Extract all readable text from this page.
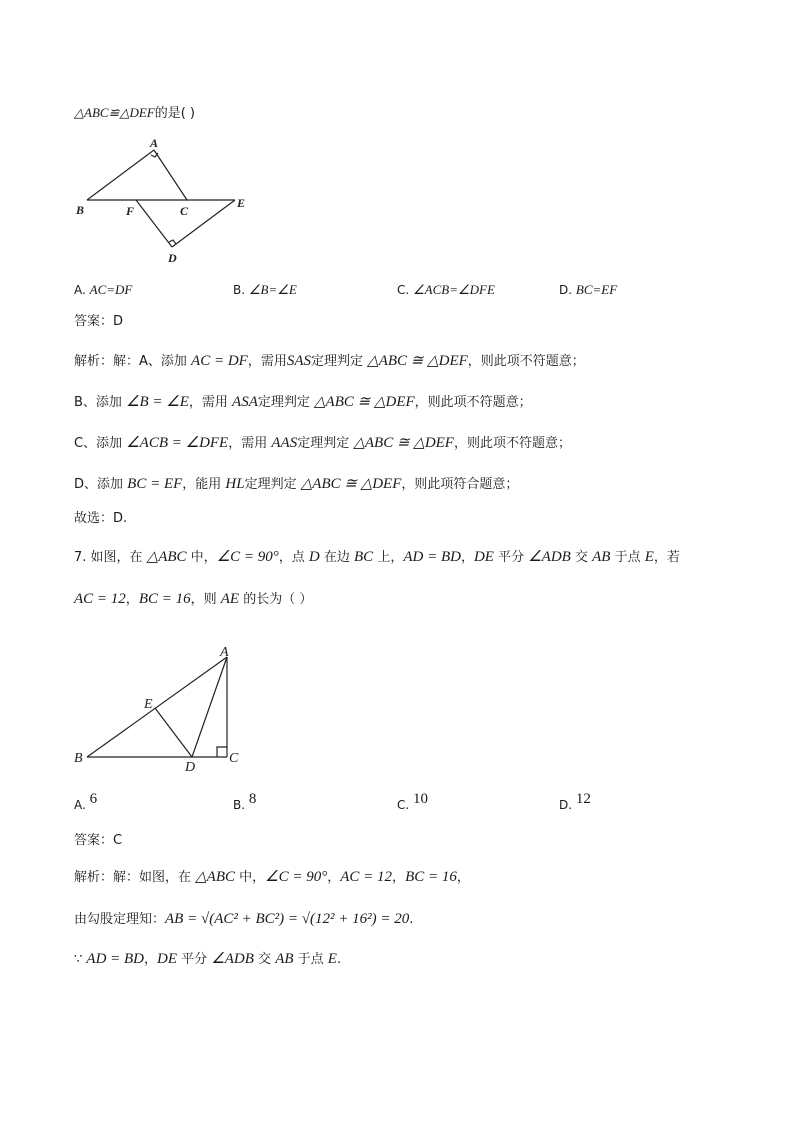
△ABC≌△DEF的是( )
A
B	F	C
E
D
A. AC=DF	B. ∠B=∠E	C. ∠ACB=∠DFE	D. BC=EF
答案：D
解析：解：A、添加 AC = DF，需用SAS定理判定 △ABC ≅ △DEF，则此项不符题意；
B、添加 ∠B = ∠E，需用 ASA定理判定 △ABC ≅ △DEF，则此项不符题意；
C、添加 ∠ACB = ∠DFE，需用 AAS定理判定 △ABC ≅ △DEF，则此项不符题意；
D、添加 BC = EF，能用 HL定理判定 △ABC ≅ △DEF，则此项符合题意；
故选：D.
7. 如图，在 △ABC 中，∠C = 90°，点 D 在边 BC 上，AD = BD，DE 平分 ∠ADB 交 AB 于点 E，若
AC = 12，BC = 16，则 AE 的长为（ ）
A
E
B
D
C
A. 6	B. 8	C. 10	D. 12
答案：C
解析：解：如图，在 △ABC 中，∠C = 90°，AC = 12，BC = 16，
由勾股定理知：AB = √(AC² + BC²) = √(12² + 16²) = 20.
∵ AD = BD，DE 平分 ∠ADB 交 AB 于点 E.
